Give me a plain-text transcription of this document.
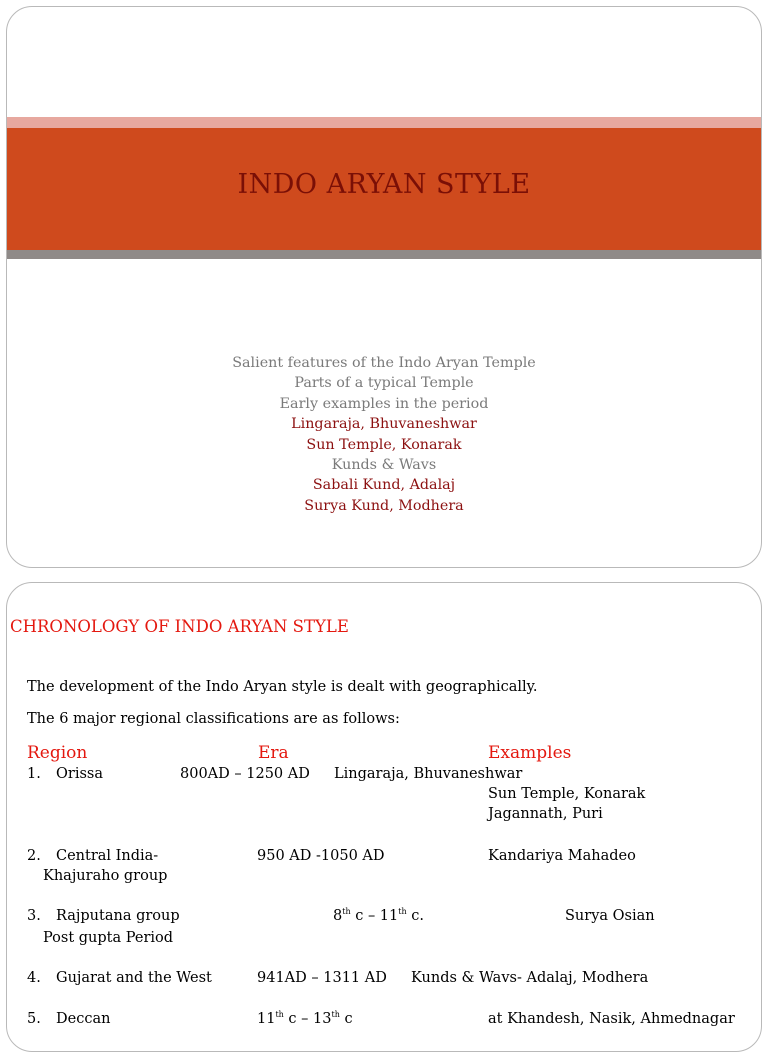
INDO ARYAN STYLE
Salient features of the Indo Aryan Temple
Parts of a typical Temple
Early examples in the period
Lingaraja, Bhuvaneshwar
Sun Temple, Konarak
Kunds & Wavs
Sabali Kund, Adalaj
Surya Kund, Modhera
CHRONOLOGY OF INDO ARYAN STYLE
The development of the Indo Aryan style is dealt with geographically.
The 6 major regional classifications are as follows:
Region	Era	Examples
1. Orissa	800AD – 1250 AD Lingaraja, Bhuvaneshwar
Sun Temple, Konarak
Jagannath, Puri
2. Central India-
Khajuraho group
950 AD -1050 AD	Kandariya Mahadeo
3. Rajputana group
Post gupta Period
8th c – 11th c.	Surya Osian
4. Gujarat and the West	941AD – 1311 AD Kunds & Wavs- Adalaj, Modhera
5. Deccan	11th c – 13th c	at Khandesh, Nasik, Ahmednagar
